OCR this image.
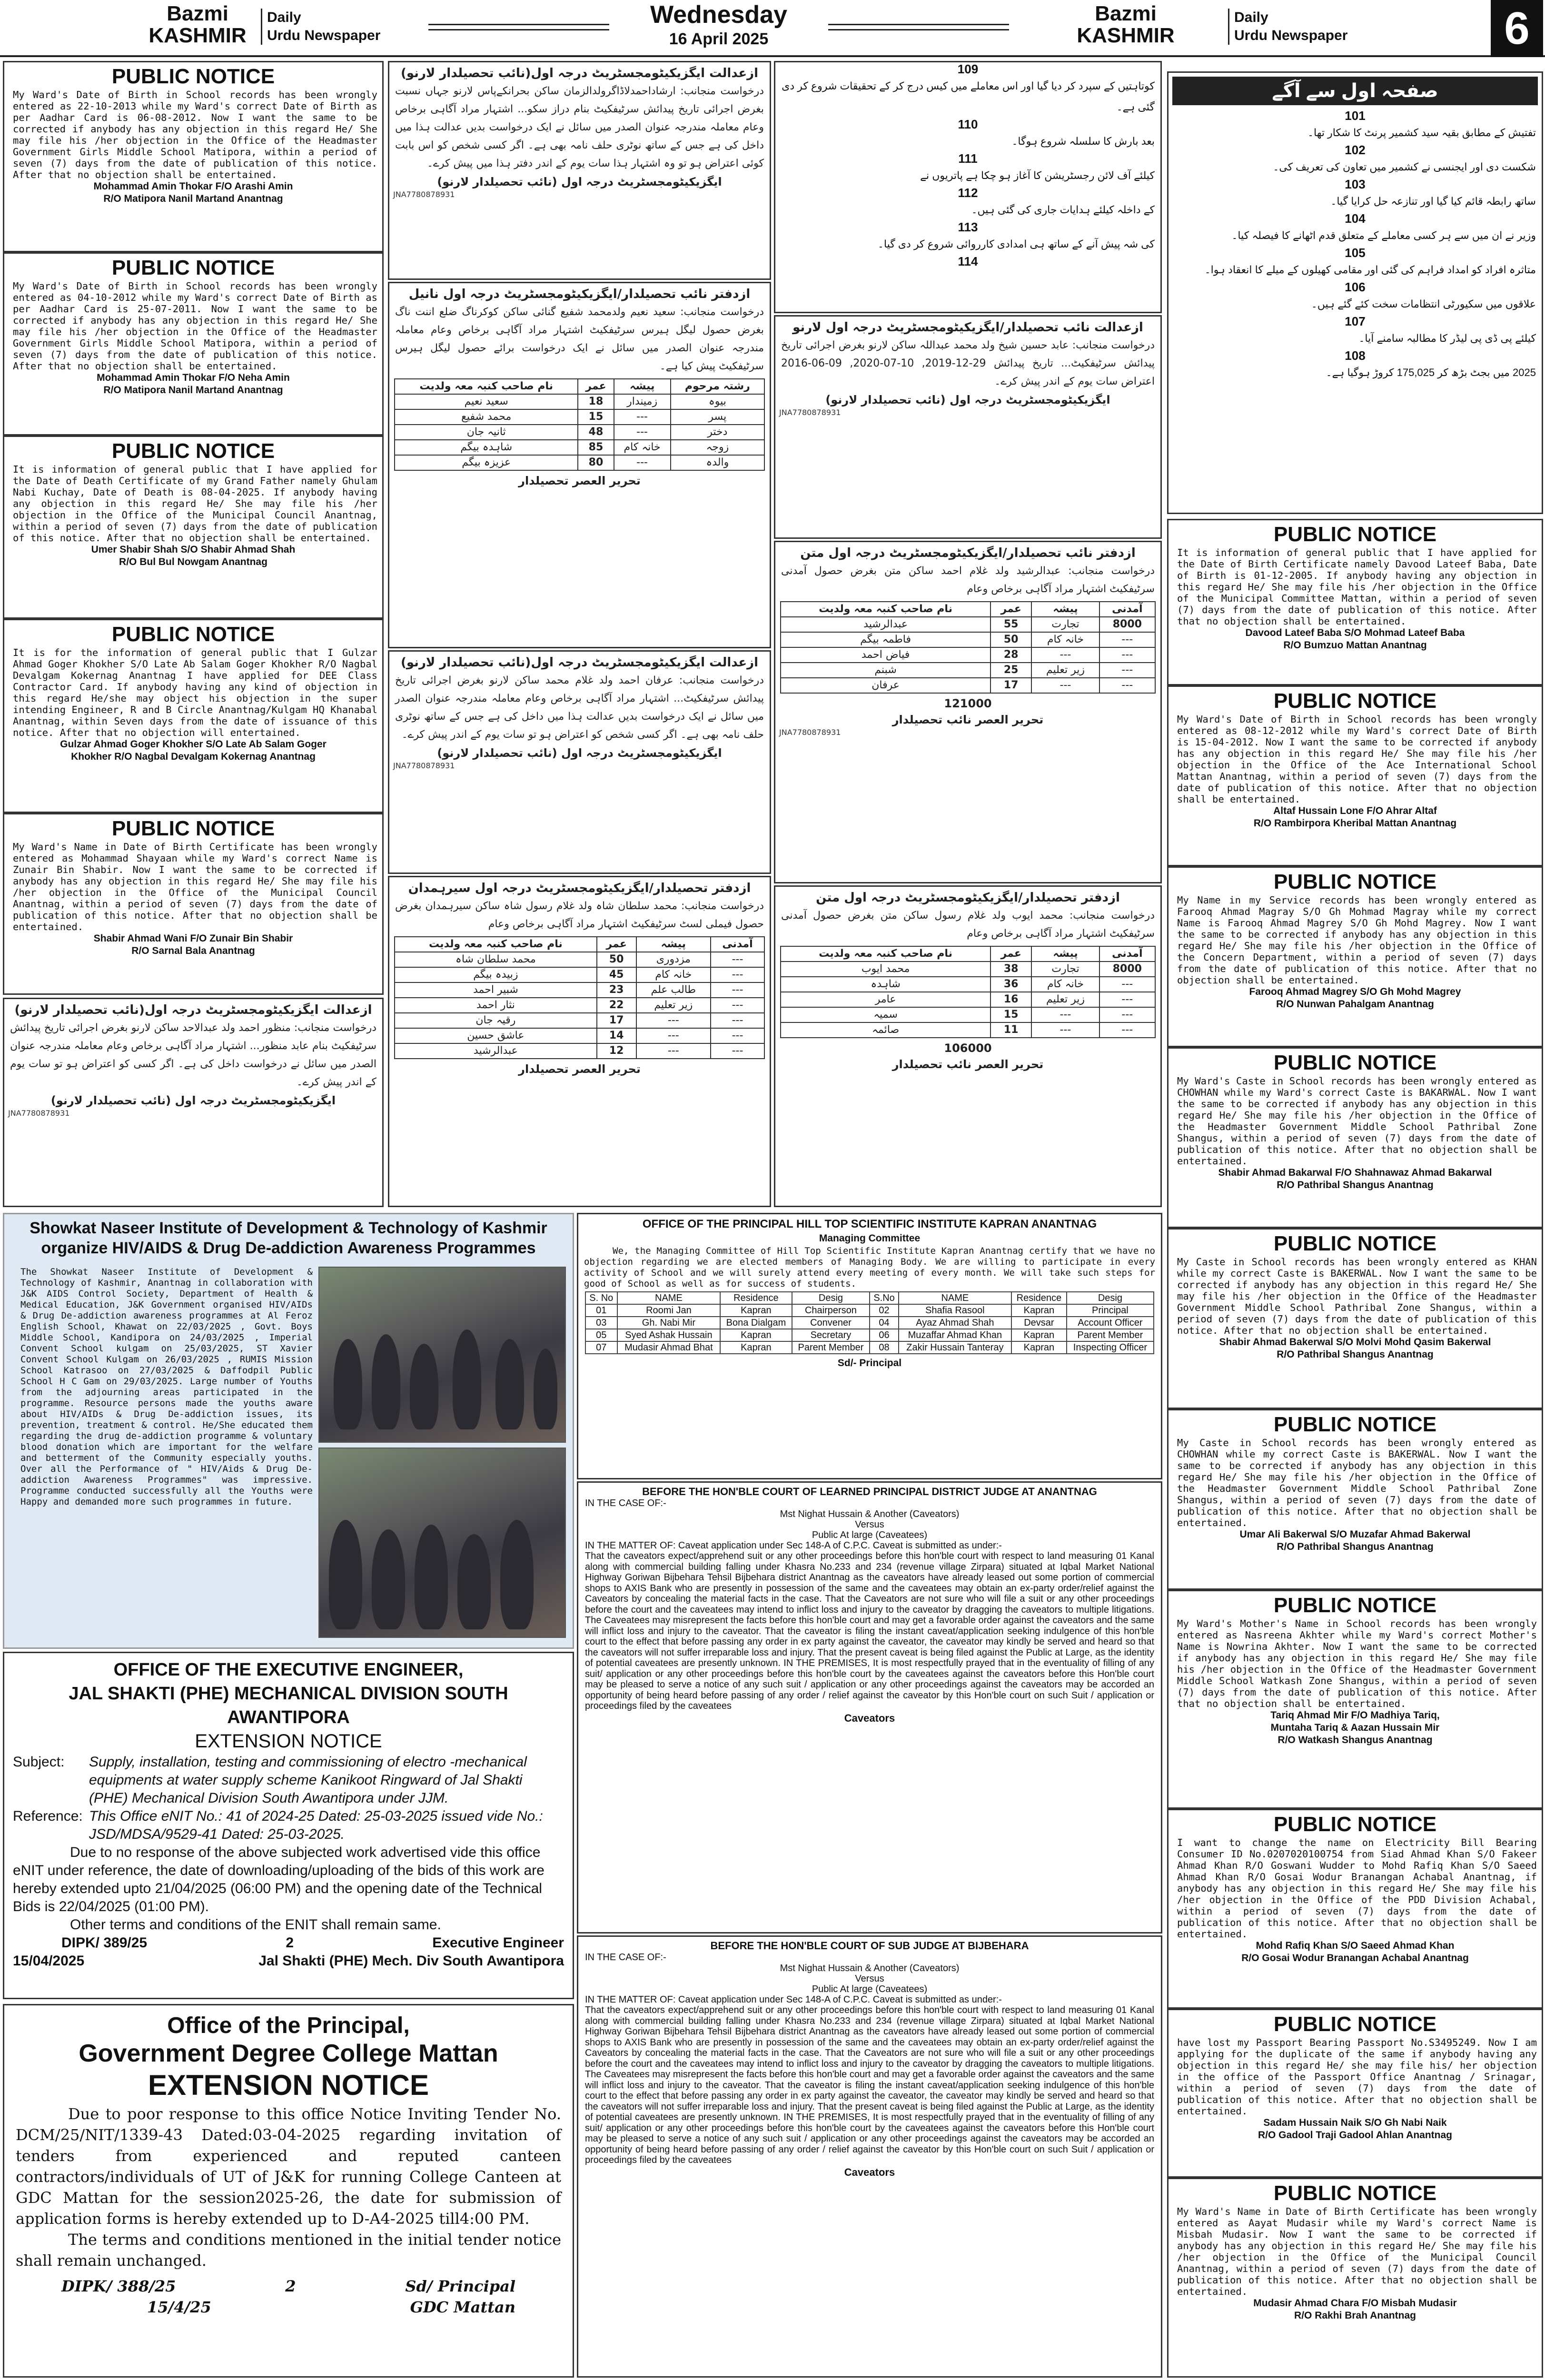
Bazmi
KASHMIR
Daily
Urdu Newspaper
Wednesday
16 April 2025
Bazmi
KASHMIR
Daily
Urdu Newspaper	6
PUBLIC NOTICE
My Ward's Date of Birth in School records has been wrongly entered as 22-10-2013 while my Ward's correct Date of Birth as per Aadhar Card is 06-08-2012. Now I want the same to be corrected if anybody has any objection in this regard He/ She may file his /her objection in the Office of the Headmaster Government Girls Middle School Matipora, within a period of seven (7) days from the date of publication of this notice. After that no objection shall be entertained.
Mohammad Amin Thokar F/O Arashi Amin
R/O Matipora Nanil Martand Anantnag
PUBLIC NOTICE
My Ward's Date of Birth in School records has been wrongly entered as 04-10-2012 while my Ward's correct Date of Birth as per Aadhar Card is 25-07-2011. Now I want the same to be corrected if anybody has any objection in this regard He/ She may file his /her objection in the Office of the Headmaster Government Girls Middle School Matipora, within a period of seven (7) days from the date of publication of this notice. After that no objection shall be entertained.
Mohammad Amin Thokar F/O Neha Amin
R/O Matipora Nanil Martand Anantnag
PUBLIC NOTICE
It is information of general public that I have applied for the Date of Death Certificate of my Grand Father namely Ghulam Nabi Kuchay, Date of Death is 08-04-2025. If anybody having any objection in this regard He/ She may file his /her objection in the Office of the Municipal Council Anantnag, within a period of seven (7) days from the date of publication of this notice. After that no objection shall be entertained.
Umer Shabir Shah S/O Shabir Ahmad Shah
R/O Bul Bul Nowgam Anantnag
PUBLIC NOTICE
It is for the information of general public that I Gulzar Ahmad Goger Khokher S/O Late Ab Salam Goger Khokher R/O Nagbal Devalgam Kokernag Anantnag I have applied for DEE Class Contractor Card. If anybody having any kind of objection in this regard He/she may object his objection in the super intending Engineer, R and B Circle Anantnag/Kulgam HQ Khanabal Anantnag, within Seven days from the date of issuance of this notice. After that no objection will entertained.
Gulzar Ahmad Goger Khokher S/O Late Ab Salam Goger
Khokher R/O Nagbal Devalgam Kokernag Anantnag
PUBLIC NOTICE
My Ward's Name in Date of Birth Certificate has been wrongly entered as Mohammad Shayaan while my Ward's correct Name is Zunair Bin Shabir. Now I want the same to be corrected if anybody has any objection in this regard He/ She may file his /her objection in the Office of the Municipal Council Anantnag, within a period of seven (7) days from the date of publication of this notice. After that no objection shall be entertained.
Shabir Ahmad Wani F/O Zunair Bin Shabir
R/O Sarnal Bala Anantnag
ازعدالت ایگزیکیٹومجسٹریٹ درجہ اول(نائب تحصیلدار لارنو)
درخواست منجانب: منظور احمد ولد عبدالاحد ساکن لارنو بغرض اجرائی تاریخ پیدائش سرٹیفکیٹ بنام عابد منظور... اشتہار مراد آگاہی برخاص وعام معاملہ مندرجہ عنوان الصدر میں سائل نے درخواست داخل کی ہے۔ اگر کسی کو اعتراض ہو تو سات یوم کے اندر پیش کرے۔
ایگزیکیٹومجسٹریٹ درجہ اول (نائب تحصیلدار لارنو)
JNA7780878931
ازعدالت ایگزیکیٹومجسٹریٹ درجہ اول(نائب تحصیلدار لارنو)
درخواست منجانب: ارشاداحمدلاڈاگرولدالزمان ساکن بحرانکےپاس لارنو جہاں نسبت بغرض اجرائی تاریخ پیدائش سرٹیفکیٹ بنام دراز سکو... اشتہار مراد آگاہی برخاص وعام معاملہ مندرجہ عنوان الصدر میں سائل نے ایک درخواست بدیں عدالت ہذا میں داخل کی ہے جس کے ساتھ نوٹری حلف نامہ بھی ہے۔ اگر کسی شخص کو اس بابت کوئی اعتراض ہو تو وہ اشتہار ہذا سات یوم کے اندر دفتر ہذا میں پیش کرے۔
ایگزیکیٹومجسٹریٹ درجہ اول (نائب تحصیلدار لارنو)
JNA7780878931
ازدفتر نائب تحصیلدار/ایگزیکیٹومجسٹریٹ درجہ اول نانیل
درخواست منجانب: سعید نعیم ولدمحمد شفیع گنائی ساکن کوکرناگ ضلع اننت ناگ بغرض حصول لیگل ہیرس سرٹیفکیٹ اشتہار مراد آگاہی برخاص وعام معاملہ مندرجہ عنوان الصدر میں سائل نے ایک درخواست برائے حصول لیگل ہیرس سرٹیفکیٹ پیش کیا ہے۔
رشتہ مرحوم	پیشہ	عمر	نام صاحب کنبہ معہ ولدیت
بیوہ	زمیندار	18	سعید نعیم
پسر	---	15	محمد شفیع
دختر	---	48	ثانیہ جان
زوجہ	خانہ کام	85	شاہدہ بیگم
والدہ	---	80	عزیزہ بیگم
تحریر العصر تحصیلدار
ازعدالت ایگزیکیٹومجسٹریٹ درجہ اول(نائب تحصیلدار لارنو)
درخواست منجانب: عرفان احمد ولد غلام محمد ساکن لارنو بغرض اجرائی تاریخ پیدائش سرٹیفکیٹ... اشتہار مراد آگاہی برخاص وعام معاملہ مندرجہ عنوان الصدر میں سائل نے ایک درخواست بدیں عدالت ہذا میں داخل کی ہے جس کے ساتھ نوٹری حلف نامہ بھی ہے۔ اگر کسی شخص کو اعتراض ہو تو سات یوم کے اندر پیش کرے۔
ایگزیکیٹومجسٹریٹ درجہ اول (نائب تحصیلدار لارنو)
JNA7780878931
ازدفتر تحصیلدار/ایگزیکیٹومجسٹریٹ درجہ اول سیرہمدان
درخواست منجانب: محمد سلطان شاہ ولد غلام رسول شاہ ساکن سیرہمدان بغرض حصول فیملی لسٹ سرٹیفکیٹ اشتہار مراد آگاہی برخاص وعام
آمدنی	پیشہ	عمر	نام صاحب کنبہ معہ ولدیت
---	مزدوری	50	محمد سلطان شاہ
---	خانہ کام	45	زبیدہ بیگم
---	طالب علم	23	شبیر احمد
---	زیر تعلیم	22	نثار احمد
---	---	17	رقیہ جان
---	---	14	عاشق حسین
---	---	12	عبدالرشید
تحریر العصر تحصیلدار
109
کوتاہتیں کے سپرد کر دیا گیا اور اس معاملے میں کیس درج کر کے تحقیقات شروع کر دی گئی ہے۔
110
بعد بارش کا سلسلہ شروع ہوگا۔
111
کیلئے آف لائن رجسٹریشن کا آغاز ہو چکا ہے پاتریوں نے
112
کے داخلہ کیلئے ہدایات جاری کی گئی ہیں۔
113
کی شہ پیش آنے کے ساتھ ہی امدادی کارروائی شروع کر دی گیا۔
114
ازعدالت نائب تحصیلدار/ایگزیکیٹومجسٹریٹ درجہ اول لارنو
درخواست منجانب: عابد حسین شیخ ولد محمد عبداللہ ساکن لارنو بغرض اجرائی تاریخ پیدائش سرٹیفکیٹ... تاریخ پیدائش 29-12-2019, 10-07-2020, 09-06-2016 اعتراض سات یوم کے اندر پیش کرے۔
ایگزیکیٹومجسٹریٹ درجہ اول (نائب تحصیلدار لارنو)
JNA7780878931
ازدفتر نائب تحصیلدار/ایگزیکیٹومجسٹریٹ درجہ اول متن
درخواست منجانب: عبدالرشید ولد غلام احمد ساکن متن بغرض حصول آمدنی سرٹیفکیٹ اشتہار مراد آگاہی برخاص وعام
آمدنی	پیشہ	عمر	نام صاحب کنبہ معہ ولدیت
8000	تجارت	55	عبدالرشید
---	خانہ کام	50	فاطمہ بیگم
---	---	28	فیاض احمد
---	زیر تعلیم	25	شبنم
---	---	17	عرفان
121000
تحریر العصر نائب تحصیلدار
JNA7780878931
ازدفتر تحصیلدار/ایگزیکیٹومجسٹریٹ درجہ اول متن
درخواست منجانب: محمد ایوب ولد غلام رسول ساکن متن بغرض حصول آمدنی سرٹیفکیٹ اشتہار مراد آگاہی برخاص وعام
آمدنی	پیشہ	عمر	نام صاحب کنبہ معہ ولدیت
8000	تجارت	38	محمد ایوب
---	خانہ کام	36	شاہدہ
---	زیر تعلیم	16	عامر
---	---	15	سمیہ
---	---	11	صائمہ
106000
تحریر العصر نائب تحصیلدار
صفحہ اول سے آگے
101
تفتیش کے مطابق بقیہ سید کشمیر پرنٹ کا شکار تھا۔
102
شکست دی اور ایجنسی نے کشمیر میں تعاون کی تعریف کی۔
103
ساتھ رابطہ قائم کیا گیا اور تنازعہ حل کرایا گیا۔
104
وزیر نے ان میں سے ہر کسی معاملے کے متعلق قدم اٹھانے کا فیصلہ کیا۔
105
متاثرہ افراد کو امداد فراہم کی گئی اور مقامی کھیلوں کے میلے کا انعقاد ہوا۔
106
علاقوں میں سکیورٹی انتظامات سخت کئے گئے ہیں۔
107
کیلئے پی ڈی پی لیڈر کا مطالبہ سامنے آیا۔
108
2025 میں بجٹ بڑھ کر 175,025 کروڑ ہوگیا ہے۔
PUBLIC NOTICE
It is information of general public that I have applied for the Date of Birth Certificate namely Davood Lateef Baba, Date of Birth is 01-12-2005. If anybody having any objection in this regard He/ She may file his /her objection in the Office of the Municipal Committee Mattan, within a period of seven (7) days from the date of publication of this notice. After that no objection shall be entertained.
Davood Lateef Baba S/O Mohmad Lateef Baba
R/O Bumzuo Mattan Anantnag
PUBLIC NOTICE
My Ward's Date of Birth in School records has been wrongly entered as 08-12-2012 while my Ward's correct Date of Birth is 15-04-2012. Now I want the same to be corrected if anybody has any objection in this regard He/ She may file his /her objection in the Office of the Ace International School Mattan Anantnag, within a period of seven (7) days from the date of publication of this notice. After that no objection shall be entertained.
Altaf Hussain Lone F/O Ahrar Altaf
R/O Rambirpora Kheribal Mattan Anantnag
PUBLIC NOTICE
My Name in my Service records has been wrongly entered as Farooq Ahmad Magray S/O Gh Mohmad Magray while my correct Name is Farooq Ahmad Magrey S/O Gh Mohd Magrey. Now I want the same to be corrected if anybody has any objection in this regard He/ She may file his /her objection in the Office of the Concern Department, within a period of seven (7) days from the date of publication of this notice. After that no objection shall be entertained.
Farooq Ahmad Magrey S/O Gh Mohd Magrey
R/O Nunwan Pahalgam Anantnag
PUBLIC NOTICE
My Ward's Caste in School records has been wrongly entered as CHOWHAN while my Ward's correct Caste is BAKARWAL. Now I want the same to be corrected if anybody has any objection in this regard He/ She may file his /her objection in the Office of the Headmaster Government Middle School Pathribal Zone Shangus, within a period of seven (7) days from the date of publication of this notice. After that no objection shall be entertained.
Shabir Ahmad Bakarwal F/O Shahnawaz Ahmad Bakarwal
R/O Pathribal Shangus Anantnag
PUBLIC NOTICE
My Caste in School records has been wrongly entered as KHAN while my correct Caste is BAKERWAL. Now I want the same to be corrected if anybody has any objection in this regard He/ She may file his /her objection in the Office of the Headmaster Government Middle School Pathribal Zone Shangus, within a period of seven (7) days from the date of publication of this notice. After that no objection shall be entertained.
Shabir Ahmad Bakerwal S/O Molvi Mohd Qasim Bakerwal
R/O Pathribal Shangus Anantnag
PUBLIC NOTICE
My Caste in School records has been wrongly entered as CHOWHAN while my correct Caste is BAKERWAL. Now I want the same to be corrected if anybody has any objection in this regard He/ She may file his /her objection in the Office of the Headmaster Government Middle School Pathribal Zone Shangus, within a period of seven (7) days from the date of publication of this notice. After that no objection shall be entertained.
Umar Ali Bakerwal S/O Muzafar Ahmad Bakerwal
R/O Pathribal Shangus Anantnag
PUBLIC NOTICE
My Ward's Mother's Name in School records has been wrongly entered as Nasreena Akhter while my Ward's correct Mother's Name is Nowrina Akhter. Now I want the same to be corrected if anybody has any objection in this regard He/ She may file his /her objection in the Office of the Headmaster Government Middle School Watkash Zone Shangus, within a period of seven (7) days from the date of publication of this notice. After that no objection shall be entertained.
Tariq Ahmad Mir F/O Madhiya Tariq,
Muntaha Tariq & Aazan Hussain Mir
R/O Watkash Shangus Anantnag
PUBLIC NOTICE
I want to change the name on Electricity Bill Bearing Consumer ID No.0207020100754 from Siad Ahmad Khan S/O Fakeer Ahmad Khan R/O Goswani Wudder to Mohd Rafiq Khan S/O Saeed Ahmad Khan R/O Gosai Wodur Branangan Achabal Anantnag, if anybody has any objection in this regard He/ She may file his /her objection in the Office of the PDD Division Achabal, within a period of seven (7) days from the date of publication of this notice. After that no objection shall be entertained.
Mohd Rafiq Khan S/O Saeed Ahmad Khan
R/O Gosai Wodur Branangan Achabal Anantnag
PUBLIC NOTICE
have lost my Passport Bearing Passport No.S3495249. Now I am applying for the duplicate of the same if anybody having any objection in this regard He/ she may file his/ her objection in the office of the Passport Office Anantnag / Srinagar, within a period of seven (7) days from the date of publication of this notice. After that no objection shall be entertained.
Sadam Hussain Naik S/O Gh Nabi Naik
R/O Gadool Traji Gadool Ahlan Anantnag
PUBLIC NOTICE
My Ward's Name in Date of Birth Certificate has been wrongly entered as Aayat Mudasir while my Ward's correct Name is Misbah Mudasir. Now I want the same to be corrected if anybody has any objection in this regard He/ She may file his /her objection in the Office of the Municipal Council Anantnag, within a period of seven (7) days from the date of publication of this notice. After that no objection shall be entertained.
Mudasir Ahmad Chara F/O Misbah Mudasir
R/O Rakhi Brah Anantnag
Showkat Naseer Institute of Development & Technology of Kashmir
organize HIV/AIDS & Drug De-addiction Awareness Programmes
The Showkat Naseer Institute of Development & Technology of Kashmir, Anantnag in collaboration with J&K AIDS Control Society, Department of Health & Medical Education, J&K Government organised HIV/AIDs & Drug De-addiction awareness programmes at Al Feroz English School, Khawat on 22/03/2025 , Govt. Boys Middle School, Kandipora on 24/03/2025 , Imperial Convent School kulgam on 25/03/2025, ST Xavier Convent School Kulgam on 26/03/2025 , RUMIS Mission School Katrasoo on 27/03/2025 & Daffodpil Public School H C Gam on 29/03/2025. Large number of Youths from the adjourning areas participated in the programme. Resource persons made the youths aware about HIV/AIDs & Drug De-addiction issues, its prevention, treatment & control. He/She educated them regarding the drug de-addiction programme & voluntary blood donation which are important for the welfare and betterment of the Community especially youths. Over all the Performance of " HIV/Aids & Drug De-addiction Awareness Programmes" was impressive. Programme conducted successfully all the Youths were Happy and demanded more such programmes in future.
OFFICE OF THE EXECUTIVE ENGINEER,
JAL SHAKTI (PHE) MECHANICAL DIVISION SOUTH
AWANTIPORA
EXTENSION NOTICE
Subject:	Supply, installation, testing and commissioning of electro -mechanical equipments at water supply scheme Kanikoot Ringward of Jal Shakti (PHE) Mechanical Division South Awantipora under JJM.
Reference: This Office eNIT No.: 41 of 2024-25 Dated: 25-03-2025 issued vide No.: JSD/MDSA/9529-41 Dated: 25-03-2025.
Due to no response of the above subjected work advertised vide this office eNIT under reference, the date of downloading/uploading of the bids of this work are hereby extended upto 21/04/2025 (06:00 PM) and the opening date of the Technical Bids is 22/04/2025 (01:00 PM).
Other terms and conditions of the ENIT shall remain same.
DIPK/ 389/25	2	Executive Engineer
15/04/2025	Jal Shakti (PHE) Mech. Div South Awantipora
Office of the Principal,
Government Degree College Mattan
EXTENSION NOTICE
Due to poor response to this office Notice Inviting Tender No. DCM/25/NIT/1339-43 Dated:03-04-2025 regarding invitation of tenders from experienced and reputed canteen contractors/individuals of UT of J&K for running College Canteen at GDC Mattan for the session2025-26, the date for submission of application forms is hereby extended up to D-A4-2025 till4:00 PM.
The terms and conditions mentioned in the initial tender notice shall remain unchanged.
DIPK/ 388/25	2	Sd/ Principal
15/4/25	GDC Mattan
OFFICE OF THE PRINCIPAL HILL TOP SCIENTIFIC INSTITUTE KAPRAN ANANTNAG
Managing Committee
We, the Managing Committee of Hill Top Scientific Institute Kapran Anantnag certify that we have no objection regarding we are elected members of Managing Body. We are willing to participate in every activity of School and we will surely attend every meeting of every month. We will take such steps for good of School as well as for success of students.
S. No	NAME	Residence	Desig	S.No	NAME	Residence	Desig
01	Roomi Jan	Kapran	Chairperson	02	Shafia Rasool	Kapran	Principal
03	Gh. Nabi Mir	Bona Dialgam	Convener	04	Ayaz Ahmad Shah	Devsar	Account Officer
05	Syed Ashak Hussain	Kapran	Secretary	06	Muzaffar Ahmad Khan	Kapran	Parent Member
07	Mudasir Ahmad Bhat	Kapran	Parent Member	08	Zakir Hussain Tanteray	Kapran	Inspecting Officer
Sd/- Principal
BEFORE THE HON'BLE COURT OF LEARNED PRINCIPAL DISTRICT JUDGE AT ANANTNAG
IN THE CASE OF:-
Mst Nighat Hussain & Another (Caveators)
Versus
Public At large (Caveatees)
IN THE MATTER OF: Caveat application under Sec 148-A of C.P.C. Caveat is submitted as under:-
That the caveators expect/apprehend suit or any other proceedings before this hon'ble court with respect to land measuring 01 Kanal along with commercial building falling under Khasra No.233 and 234 (revenue village Zirpara) situated at Iqbal Market National Highway Goriwan Bijbehara Tehsil Bijbehara district Anantnag as the caveators have already leased out some portion of commercial shops to AXIS Bank who are presently in possession of the same and the caveatees may obtain an ex-party order/relief against the Caveators by concealing the material facts in the case. That the Caveators are not sure who will file a suit or any other proceedings before the court and the caveatees may intend to inflict loss and injury to the caveator by dragging the caveators to multiple litigations. The Caveatees may misrepresent the facts before this hon'ble court and may get a favorable order against the caveators and the same will inflict loss and injury to the caveator. That the caveator is filing the instant caveat/application seeking indulgence of this hon'ble court to the effect that before passing any order in ex party against the caveator, the caveator may kindly be served and heard so that the caveators will not suffer irreparable loss and injury. That the present caveat is being filed against the Public at Large, as the identity of potential caveatees are presently unknown. IN THE PREMISES, It is most respectfully prayed that in the eventuality of filling of any suit/ application or any other proceedings before this hon'ble court by the caveatees against the caveators before this Hon'ble court may be pleased to serve a notice of any such suit / application or any other proceedings against the caveators may be accorded an opportunity of being heard before passing of any order / relief against the caveator by this Hon'ble court on such Suit / application or proceedings filed by the caveatees
Caveators
BEFORE THE HON'BLE COURT OF SUB JUDGE AT BIJBEHARA
IN THE CASE OF:-
Mst Nighat Hussain & Another (Caveators)
Versus
Public At large (Caveatees)
IN THE MATTER OF: Caveat application under Sec 148-A of C.P.C. Caveat is submitted as under:-
That the caveators expect/apprehend suit or any other proceedings before this hon'ble court with respect to land measuring 01 Kanal along with commercial building falling under Khasra No.233 and 234 (revenue village Zirpara) situated at Iqbal Market National Highway Goriwan Bijbehara Tehsil Bijbehara district Anantnag as the caveators have already leased out some portion of commercial shops to AXIS Bank who are presently in possession of the same and the caveatees may obtain an ex-party order/relief against the Caveators by concealing the material facts in the case. That the Caveators are not sure who will file a suit or any other proceedings before the court and the caveatees may intend to inflict loss and injury to the caveator by dragging the caveators to multiple litigations. The Caveatees may misrepresent the facts before this hon'ble court and may get a favorable order against the caveators and the same will inflict loss and injury to the caveator. That the caveator is filing the instant caveat/application seeking indulgence of this hon'ble court to the effect that before passing any order in ex party against the caveator, the caveator may kindly be served and heard so that the caveators will not suffer irreparable loss and injury. That the present caveat is being filed against the Public at Large, as the identity of potential caveatees are presently unknown. IN THE PREMISES, It is most respectfully prayed that in the eventuality of filling of any suit/ application or any other proceedings before this hon'ble court by the caveatees against the caveators before this Hon'ble court may be pleased to serve a notice of any such suit / application or any other proceedings against the caveators may be accorded an opportunity of being heard before passing of any order / relief against the caveator by this Hon'ble court on such Suit / application or proceedings filed by the caveatees
Caveators
